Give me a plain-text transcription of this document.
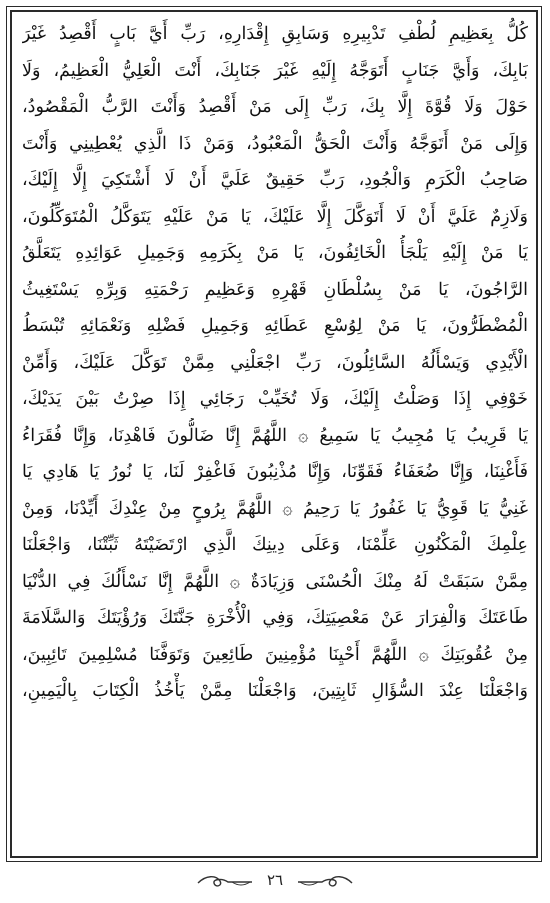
كُلُّ بِعَظِيمِ لُطْفِ تَدْبِيرِهِ وَسَابِقِ إِقْدَارِهِ، رَبِّ أَيَّ بَابٍ أَقْصِدُ غَيْرَ
بَابِكَ، وَأَيَّ جَنَابٍ أَتَوَجَّهُ إِلَيْهِ غَيْرَ جَنَابِكَ، أَنْتَ الْعَلِيُّ الْعَظِيمُ، وَلَا
حَوْلَ وَلَا قُوَّةَ إِلَّا بِكَ، رَبِّ إِلَى مَنْ أَقْصِدُ وَأَنْتَ الرَّبُّ الْمَقْصُودُ،
وَإِلَى مَنْ أَتَوَجَّهُ وَأَنْتَ الْحَقُّ الْمَعْبُودُ، وَمَنْ ذَا الَّذِي يُعْطِينِي وَأَنْتَ
صَاحِبُ الْكَرَمِ وَالْجُودِ، رَبِّ حَقِيقٌ عَلَيَّ أَنْ لَا أَشْتَكِيَ إِلَّا إِلَيْكَ،
وَلَازِمٌ عَلَيَّ أَنْ لَا أَتَوَكَّلَ إِلَّا عَلَيْكَ، يَا مَنْ عَلَيْهِ يَتَوَكَّلُ الْمُتَوَكِّلُونَ،
يَا مَنْ إِلَيْهِ يَلْجَأُ الْخَائِفُونَ، يَا مَنْ بِكَرَمِهِ وَجَمِيلِ عَوَائِدِهِ يَتَعَلَّقُ
الرَّاجُونَ، يَا مَنْ بِسُلْطَانِ قَهْرِهِ وَعَظِيمِ رَحْمَتِهِ وَبِرِّهِ يَسْتَغِيثُ
الْمُضْطَرُّونَ، يَا مَنْ لِوُسْعِ عَطَائِهِ وَجَمِيلِ فَضْلِهِ وَنَعْمَائِهِ تُبْسَطُ
الْأَيْدِي وَيَسْأَلُهُ السَّائِلُونَ، رَبِّ اجْعَلْنِي مِمَّنْ تَوَكَّلَ عَلَيْكَ، وَأَمِّنْ
خَوْفِي إِذَا وَصَلْتُ إِلَيْكَ، وَلَا تُخَيِّبْ رَجَائِي إِذَا صِرْتُ بَيْنَ يَدَيْكَ،
يَا قَرِيبُ يَا مُجِيبُ يَا سَمِيعُ ۞ اللَّهُمَّ إِنَّا ضَالُّونَ فَاهْدِنَا، وَإِنَّا فُقَرَاءُ
فَأَغْنِنَا، وَإِنَّا ضُعَفَاءُ فَقَوِّنَا، وَإِنَّا مُذْنِبُونَ فَاغْفِرْ لَنَا، يَا نُورُ يَا هَادِي يَا
غَنِيُّ يَا قَوِيُّ يَا غَفُورُ يَا رَحِيمُ ۞ اللَّهُمَّ بِرُوحٍ مِنْ عِنْدِكَ أَيِّدْنَا، وَمِنْ
عِلْمِكَ الْمَكْنُونِ عَلِّمْنَا، وَعَلَى دِينِكَ الَّذِي ارْتَضَيْتَهُ ثَبِّتْنَا، وَاجْعَلْنَا
مِمَّنْ سَبَقَتْ لَهُ مِنْكَ الْحُسْنَى وَزِيَادَةٌ ۞ اللَّهُمَّ إِنَّا نَسْأَلُكَ فِي الدُّنْيَا
طَاعَتَكَ وَالْفِرَارَ عَنْ مَعْصِيَتِكَ، وَفِي الْأُخْرَةِ جَنَّتَكَ وَرُؤْيَتَكَ وَالسَّلَامَةَ
مِنْ عُقُوبَتِكَ ۞ اللَّهُمَّ أَحْيِنَا مُؤْمِنِينَ طَائِعِينَ وَتَوَفَّنَا مُسْلِمِينَ تَائِبِينَ،
وَاجْعَلْنَا عِنْدَ السُّؤَالِ ثَابِتِينَ، وَاجْعَلْنَا مِمَّنْ يَأْخُذُ الْكِتَابَ بِالْيَمِينِ،
٢٦
